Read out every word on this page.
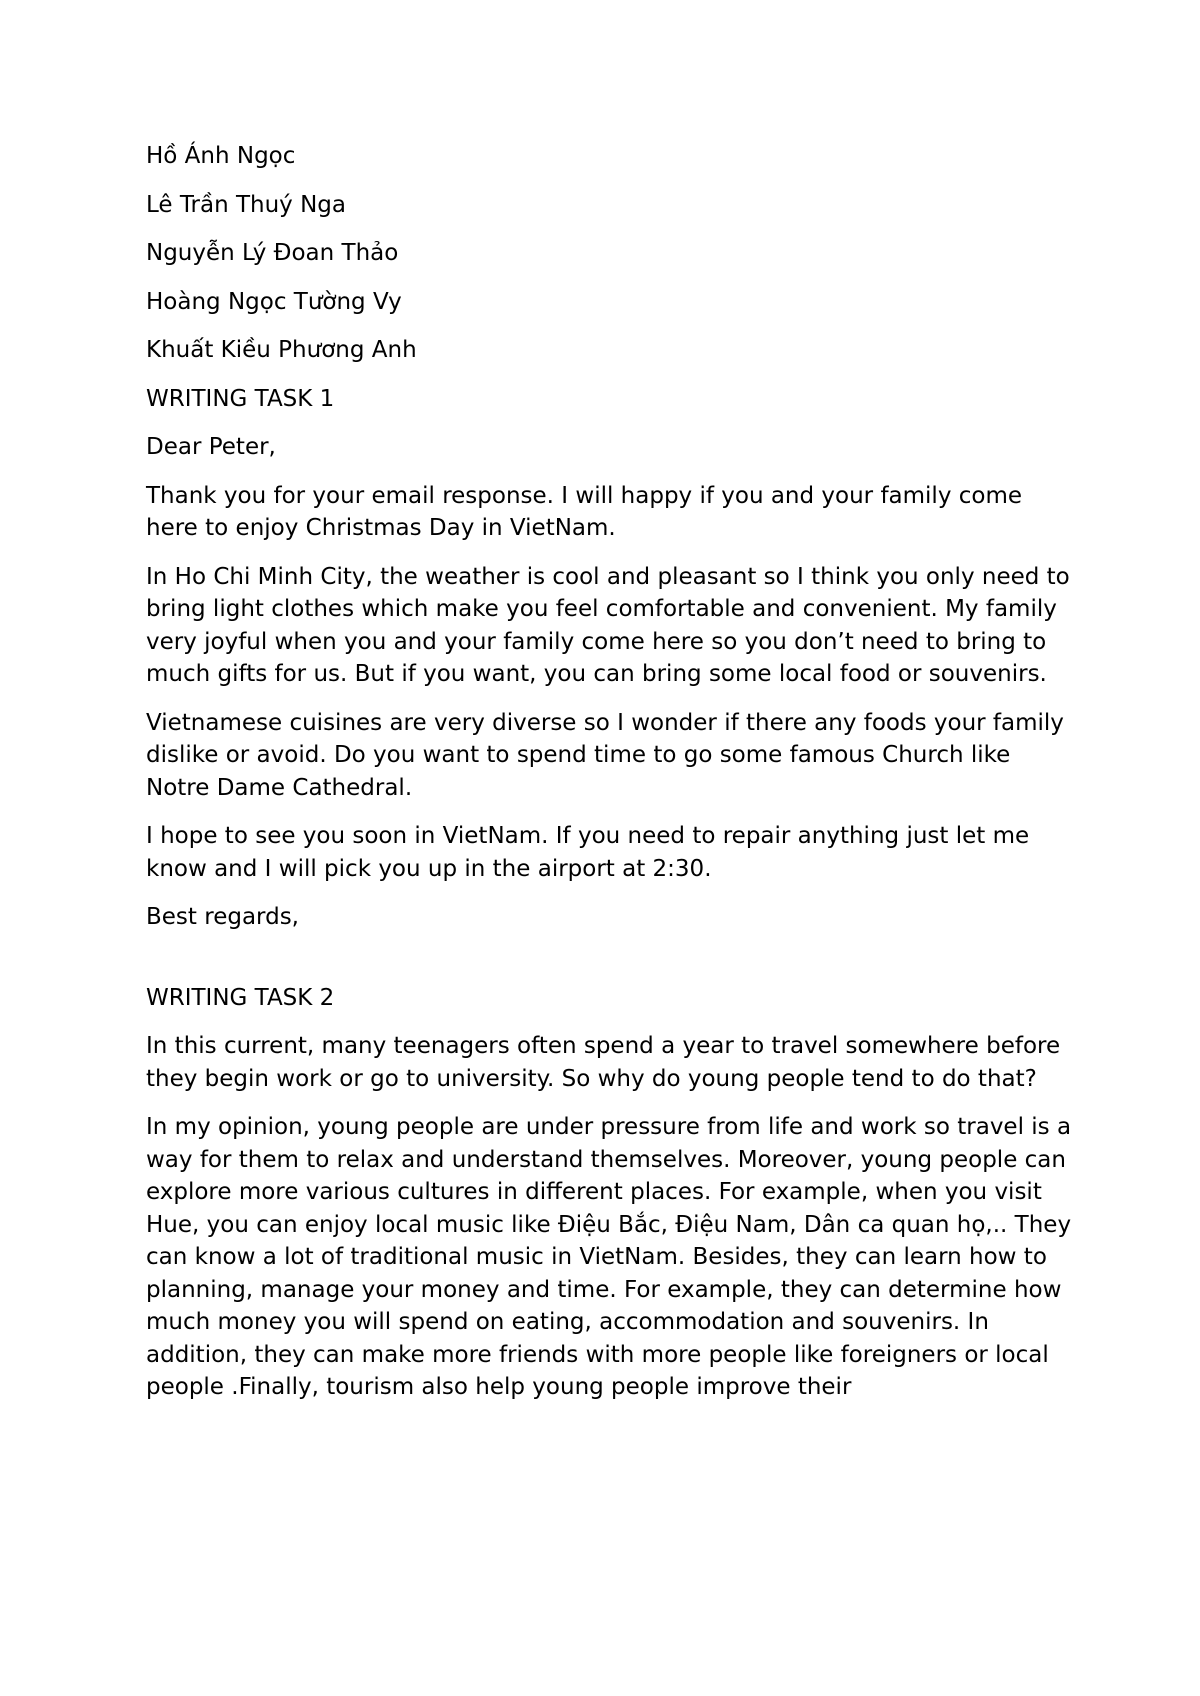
Hồ Ánh Ngọc

Lê Trần Thuý Nga

Nguyễn Lý Đoan Thảo

Hoàng Ngọc Tường Vy

Khuất Kiều Phương Anh

WRITING TASK 1

Dear Peter,

Thank you for your email response. I will happy if you and your family come here to enjoy Christmas Day in VietNam.

In Ho Chi Minh City, the weather is cool and pleasant so I think you only need to bring light clothes which make you feel comfortable and convenient. My family very joyful when you and your family come here so you don’t need to bring to much gifts for us. But if you want, you can bring some local food or souvenirs.

Vietnamese cuisines are very diverse so I wonder if there any foods your family dislike or avoid. Do you want to spend time to go some famous Church like Notre Dame Cathedral.

I hope to see you soon in VietNam. If you need to repair anything just let me know and I will pick you up in the airport at 2:30.

Best regards,

WRITING TASK 2

In this current, many teenagers often spend a year to travel somewhere before they begin work or go to university. So why do young people tend to do that?

In my opinion, young people are under pressure from life and work so travel is a way for them to relax and understand themselves. Moreover, young people can explore more various cultures in different places. For example, when you visit Hue, you can enjoy local music like Điệu Bắc, Điệu Nam, Dân ca quan họ,.. They can know a lot of traditional music in VietNam. Besides, they can learn how to planning, manage your money and time. For example, they can determine how much money you will spend on eating, accommodation and souvenirs. In addition, they can make more friends with more people like foreigners or local people .Finally, tourism also help young people improve their
